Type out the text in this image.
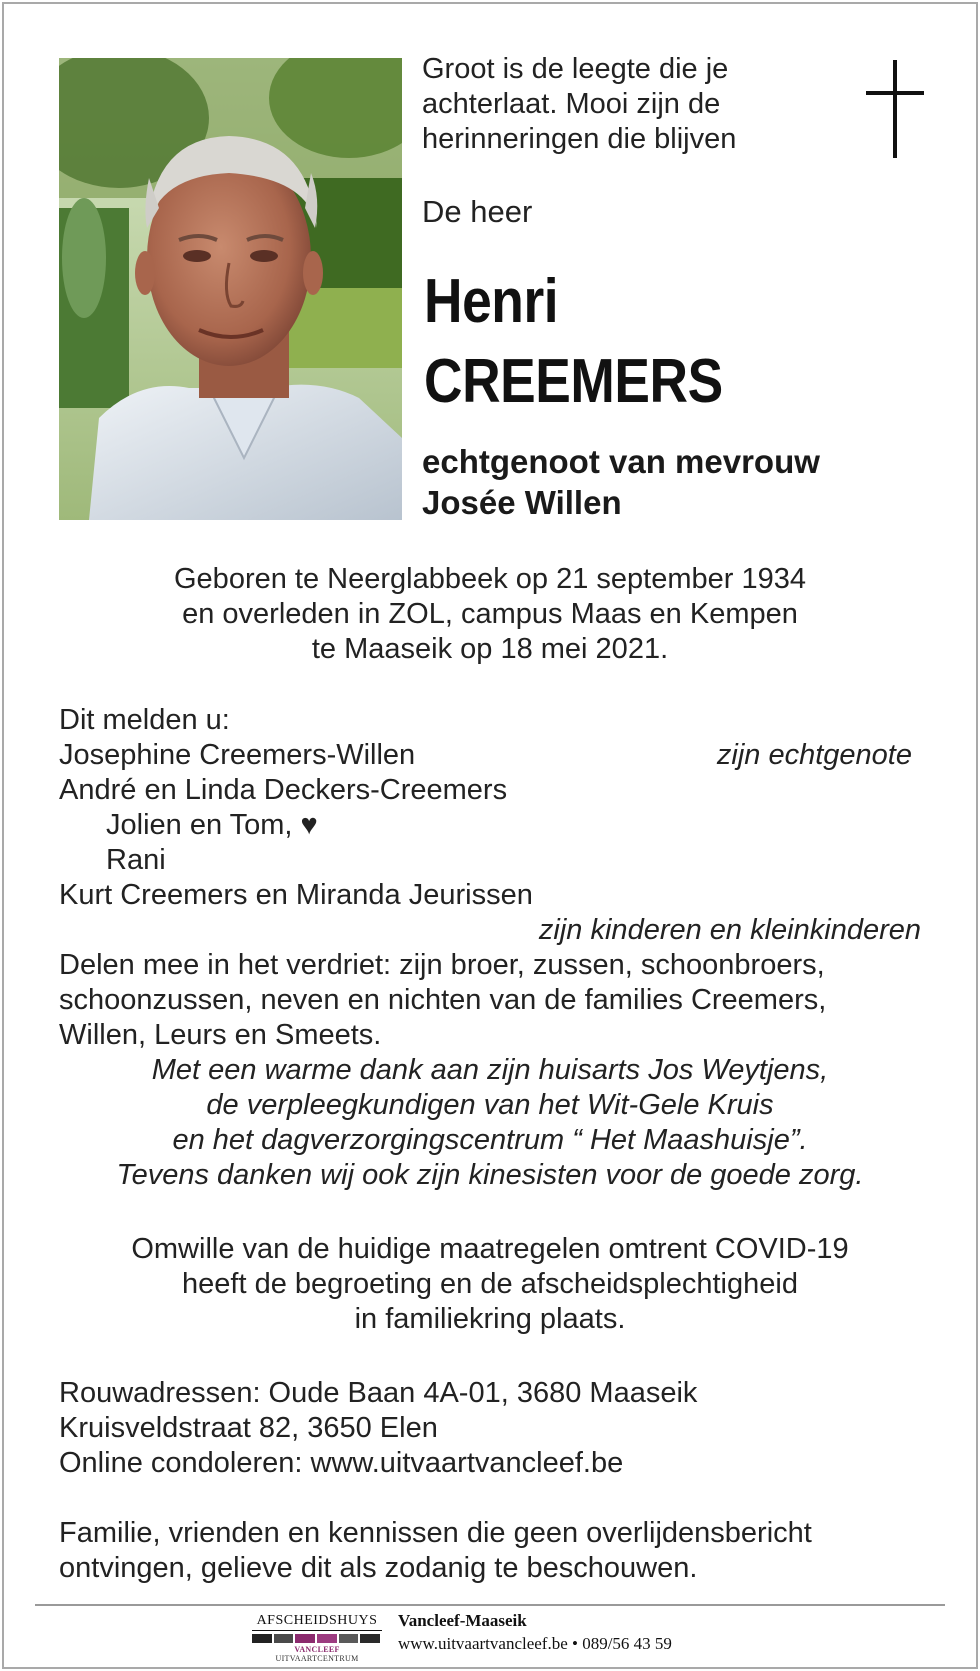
Groot is de leegte die je
achterlaat. Mooi zijn de
herinneringen die blijven
De heer
Henri
CREEMERS
echtgenoot van mevrouw
Josée Willen
Geboren te Neerglabbeek op 21 september 1934
en overleden in ZOL, campus Maas en Kempen
te Maaseik op 18 mei 2021.
Dit melden u:
Josephine Creemers-Willen	zijn echtgenote
André en Linda Deckers-Creemers
Jolien en Tom, ♥
Rani
Kurt Creemers en Miranda Jeurissen
zijn kinderen en kleinkinderen
Delen mee in het verdriet: zijn broer, zussen, schoonbroers,
schoonzussen, neven en nichten van de families Creemers,
Willen, Leurs en Smeets.
Met een warme dank aan zijn huisarts Jos Weytjens,
de verpleegkundigen van het Wit-Gele Kruis
en het dagverzorgingscentrum “ Het Maashuisje”.
Tevens danken wij ook zijn kinesisten voor de goede zorg.
Omwille van de huidige maatregelen omtrent COVID-19
heeft de begroeting en de afscheidsplechtigheid
in familiekring plaats.
Rouwadressen: Oude Baan 4A-01, 3680 Maaseik
Kruisveldstraat 82, 3650 Elen
Online condoleren: www.uitvaartvancleef.be
Familie, vrienden en kennissen die geen overlijdensbericht
ontvingen, gelieve dit als zodanig te beschouwen.
AFSCHEIDSHUYS
VANCLEEF UITVAARTCENTRUM
Vancleef-Maaseik
www.uitvaartvancleef.be • 089/56 43 59
